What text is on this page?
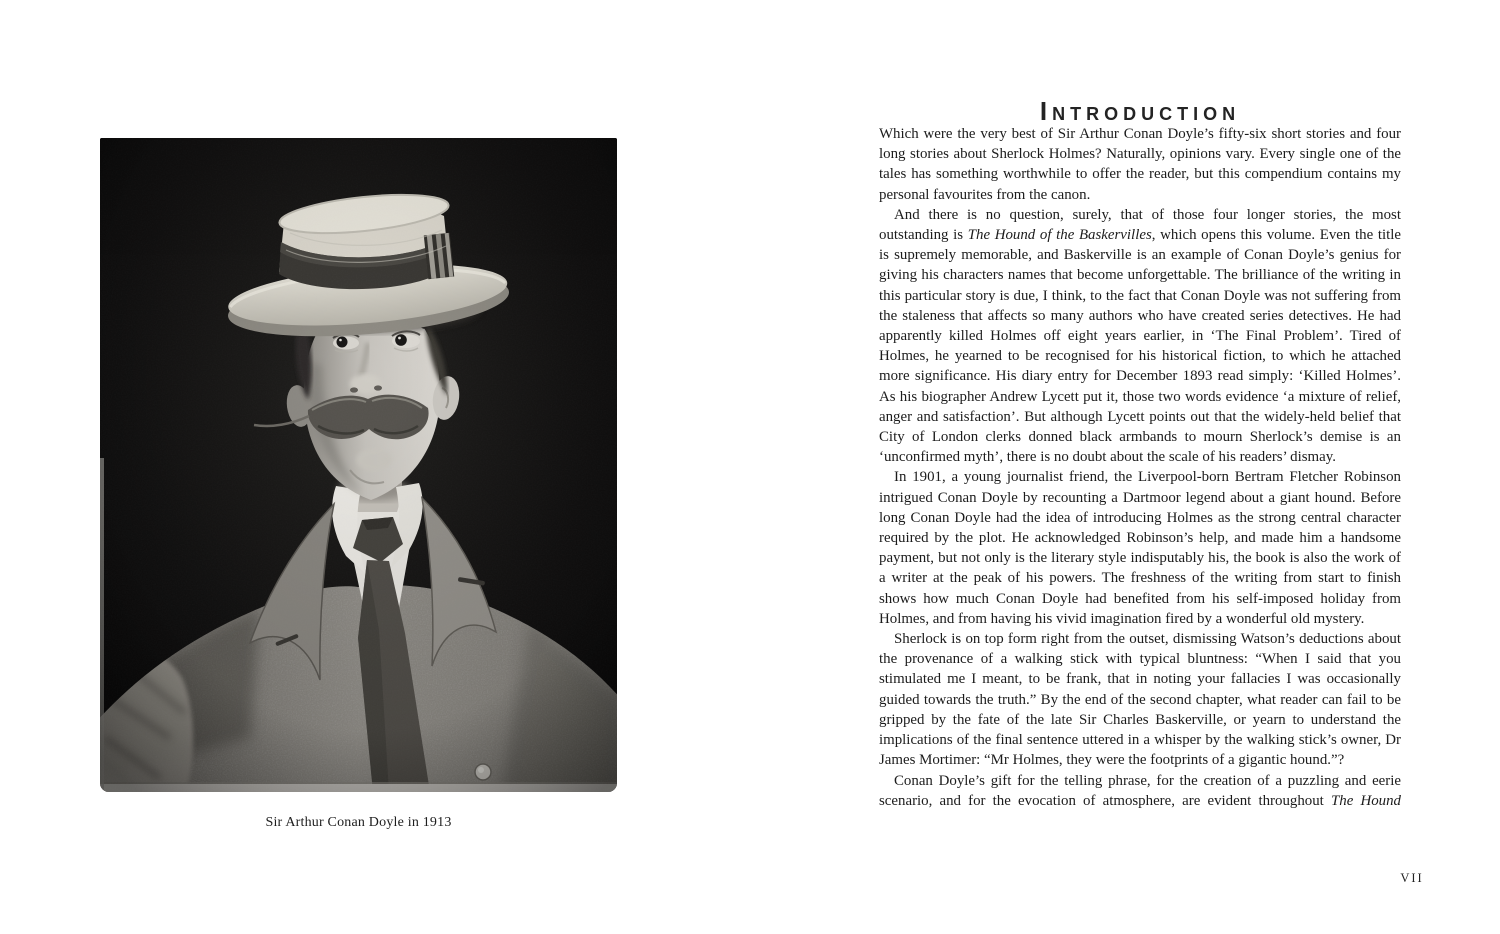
Sir Arthur Conan Doyle in 1913
Introduction

Which were the very best of Sir Arthur Conan Doyle’s fifty-six short stories and four long stories about Sherlock Holmes? Naturally, opinions vary. Every single one of the tales has something worthwhile to offer the reader, but this compendium contains my personal favourites from the canon.

And there is no question, surely, that of those four longer stories, the most outstanding is The Hound of the Baskervilles, which opens this volume. Even the title is supremely memorable, and Baskerville is an example of Conan Doyle’s genius for giving his characters names that become unforgettable. The brilliance of the writing in this particular story is due, I think, to the fact that Conan Doyle was not suffering from the staleness that affects so many authors who have created series detectives. He had apparently killed Holmes off eight years earlier, in ‘The Final Problem’. Tired of Holmes, he yearned to be recognised for his historical fiction, to which he attached more significance. His diary entry for December 1893 read simply: ‘Killed Holmes’. As his biographer Andrew Lycett put it, those two words evidence ‘a mixture of relief, anger and satisfaction’. But although Lycett points out that the widely-held belief that City of London clerks donned black armbands to mourn Sherlock’s demise is an ‘unconfirmed myth’, there is no doubt about the scale of his readers’ dismay.

In 1901, a young journalist friend, the Liverpool-born Bertram Fletcher Robinson intrigued Conan Doyle by recounting a Dartmoor legend about a giant hound. Before long Conan Doyle had the idea of introducing Holmes as the strong central character required by the plot. He acknowledged Robinson’s help, and made him a handsome payment, but not only is the literary style indisputably his, the book is also the work of a writer at the peak of his powers. The freshness of the writing from start to finish shows how much Conan Doyle had benefited from his self-imposed holiday from Holmes, and from having his vivid imagination fired by a wonderful old mystery.

Sherlock is on top form right from the outset, dismissing Watson’s deductions about the provenance of a walking stick with typical bluntness: “When I said that you stimulated me I meant, to be frank, that in noting your fallacies I was occasionally guided towards the truth.” By the end of the second chapter, what reader can fail to be gripped by the fate of the late Sir Charles Baskerville, or yearn to understand the implications of the final sentence uttered in a whisper by the walking stick’s owner, Dr James Mortimer: “Mr Holmes, they were the footprints of a gigantic hound.”?

Conan Doyle’s gift for the telling phrase, for the creation of a puzzling and eerie scenario, and for the evocation of atmosphere, are evident throughout The Hound

VII
